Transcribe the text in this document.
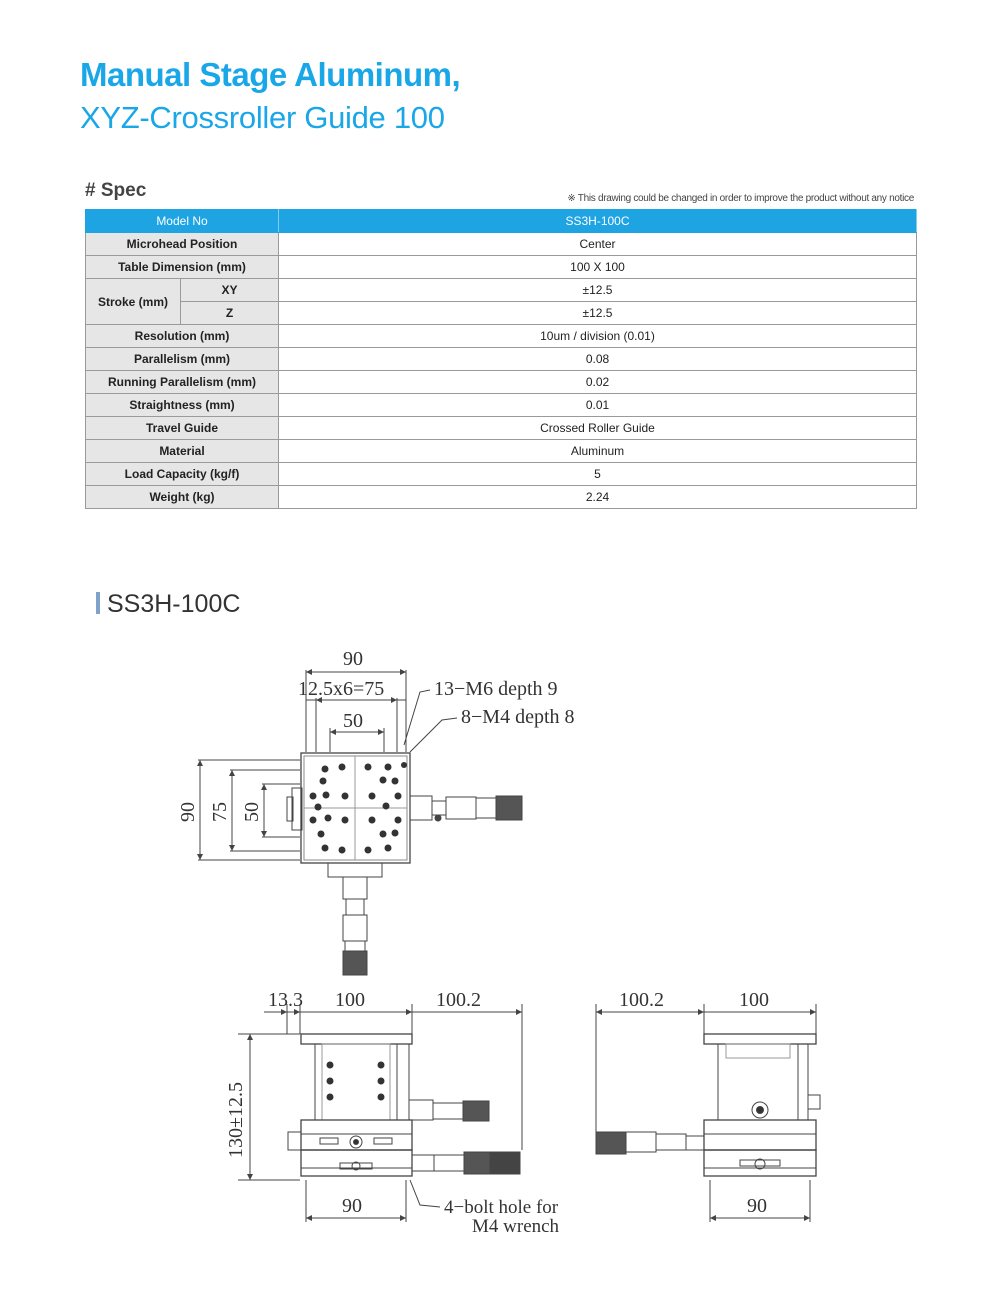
Manual Stage Aluminum,
XYZ-Crossroller Guide 100
# Spec	※ This drawing could be changed in order to improve the product without any notice
Model No		SS3H-100C
Microhead Position		Center
Table Dimension (mm)		100 X 100
Stroke (mm)	XY	±12.5
	Z	±12.5
Resolution (mm)		10um / division (0.01)
Parallelism (mm)		0.08
Running Parallelism (mm)		0.02
Straightness (mm)		0.01
Travel Guide		Crossed Roller Guide
Material		Aluminum
Load Capacity (kg/f)		5
Weight (kg)		2.24
SS3H-100C
90
12.5x6=75 13−M6 depth 9
8−M4 depth 8
50
90 75 50
13.3 100	100.2
130±12.5
90	4−bolt hole for
M4 wrench
100.2	100
90
